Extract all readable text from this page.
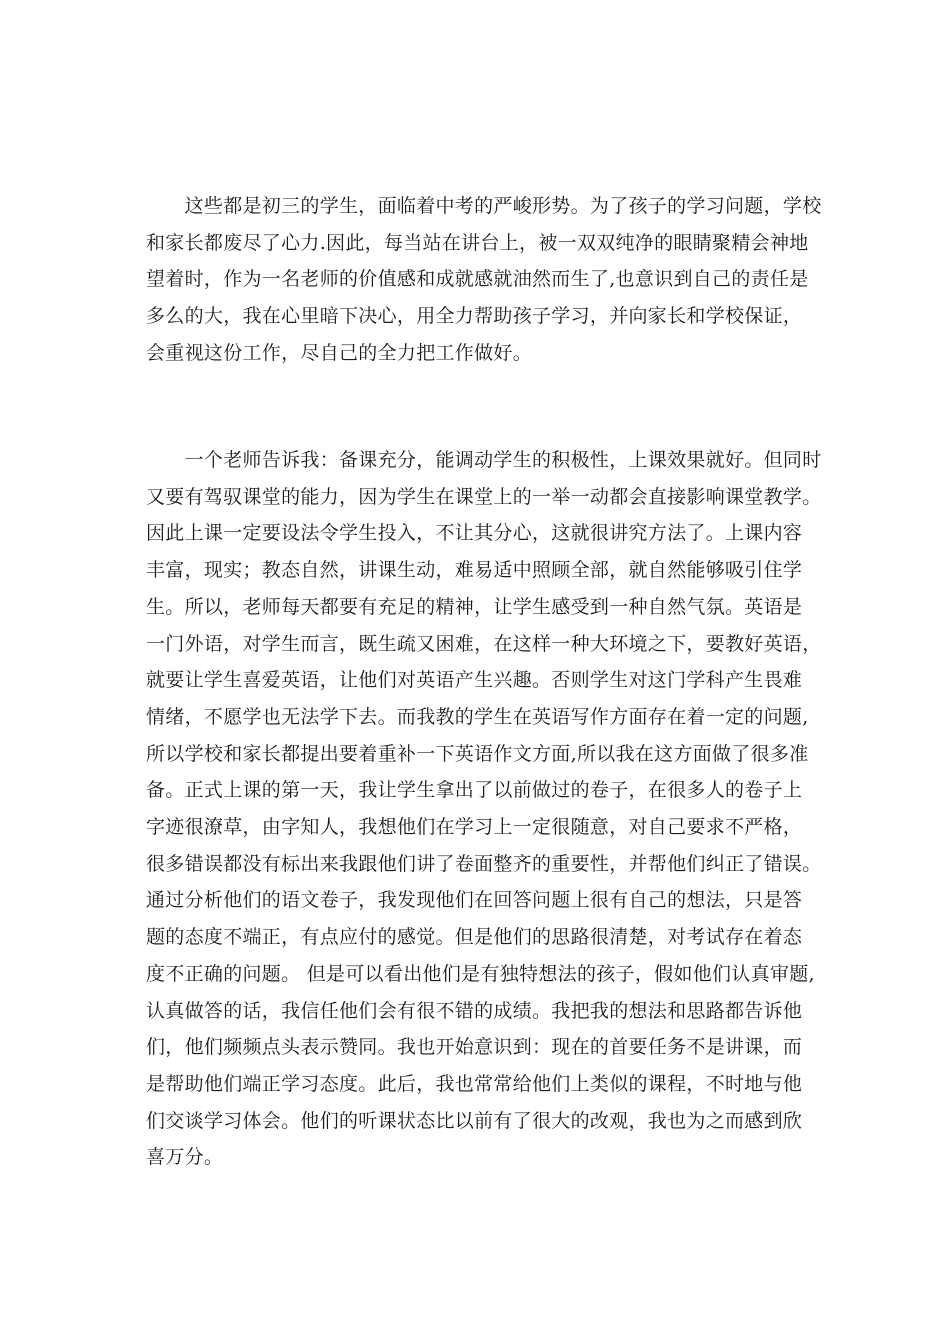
　　这些都是初三的学生，面临着中考的严峻形势。为了孩子的学习问题，学校
和家长都废尽了心力.因此，每当站在讲台上，被一双双纯净的眼睛聚精会神地
望着时，作为一名老师的价值感和成就感就油然而生了,也意识到自己的责任是
多么的大，我在心里暗下决心，用全力帮助孩子学习，并向家长和学校保证，
会重视这份工作，尽自己的全力把工作做好。

　　一个老师告诉我：备课充分，能调动学生的积极性，上课效果就好。但同时
又要有驾驭课堂的能力，因为学生在课堂上的一举一动都会直接影响课堂教学。
因此上课一定要设法令学生投入，不让其分心，这就很讲究方法了。上课内容
丰富，现实；教态自然，讲课生动，难易适中照顾全部，就自然能够吸引住学
生。所以，老师每天都要有充足的精神，让学生感受到一种自然气氛。英语是
一门外语，对学生而言，既生疏又困难，在这样一种大环境之下，要教好英语，
就要让学生喜爱英语，让他们对英语产生兴趣。否则学生对这门学科产生畏难
情绪，不愿学也无法学下去。而我教的学生在英语写作方面存在着一定的问题,
所以学校和家长都提出要着重补一下英语作文方面,所以我在这方面做了很多准
备。正式上课的第一天，我让学生拿出了以前做过的卷子，在很多人的卷子上
字迹很潦草，由字知人，我想他们在学习上一定很随意，对自己要求不严格，
很多错误都没有标出来我跟他们讲了卷面整齐的重要性，并帮他们纠正了错误。
通过分析他们的语文卷子，我发现他们在回答问题上很有自己的想法，只是答
题的态度不端正，有点应付的感觉。但是他们的思路很清楚，对考试存在着态
度不正确的问题。 但是可以看出他们是有独特想法的孩子，假如他们认真审题,
认真做答的话，我信任他们会有很不错的成绩。我把我的想法和思路都告诉他
们，他们频频点头表示赞同。我也开始意识到：现在的首要任务不是讲课，而
是帮助他们端正学习态度。此后，我也常常给他们上类似的课程，不时地与他
们交谈学习体会。他们的听课状态比以前有了很大的改观，我也为之而感到欣
喜万分。
